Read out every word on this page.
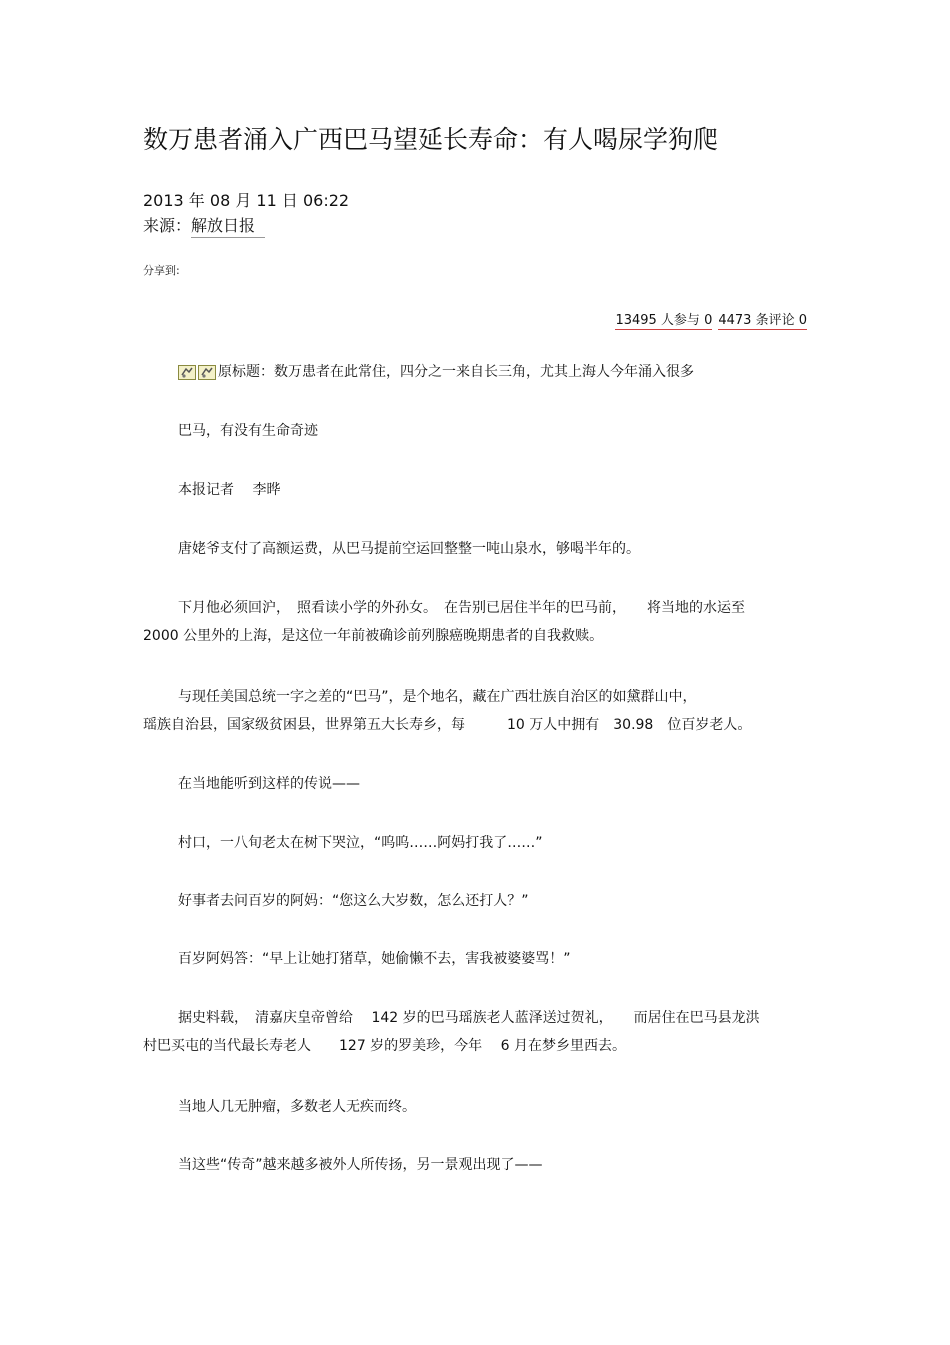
数万患者涌入广西巴马望延长寿命：有人喝尿学狗爬
2013 年 08 月 11 日 06:22
来源：解放日报
分享到:
13495 人参与 0 4473 条评论 0

原标题：数万患者在此常住，四分之一来自长三角，尤其上海人今年涌入很多

巴马，有没有生命奇迹

本报记者　 李晔

唐姥爷支付了高额运费，从巴马提前空运回整整一吨山泉水，够喝半年的。

下月他必须回沪，　照看读小学的外孙女。　在告别已居住半年的巴马前，　　将当地的水运至
2000 公里外的上海，是这位一年前被确诊前列腺癌晚期患者的自我救赎。

与现任美国总统一字之差的“巴马”，是个地名，藏在广西壮族自治区的如黛群山中，
瑶族自治县，国家级贫困县，世界第五大长寿乡，每　　　10 万人中拥有　30.98　位百岁老人。

在当地能听到这样的传说——

村口，一八旬老太在树下哭泣，“呜呜……阿妈打我了……”

好事者去问百岁的阿妈：“您这么大岁数，怎么还打人？”

百岁阿妈答：“早上让她打猪草，她偷懒不去，害我被婆婆骂！”

据史料载，　清嘉庆皇帝曾给　 142 岁的巴马瑶族老人蓝泽送过贺礼，　　而居住在巴马县龙洪
村巴买屯的当代最长寿老人　　127 岁的罗美珍，今年　 6 月在梦乡里西去。

当地人几无肿瘤，多数老人无疾而终。

当这些“传奇”越来越多被外人所传扬，另一景观出现了——
